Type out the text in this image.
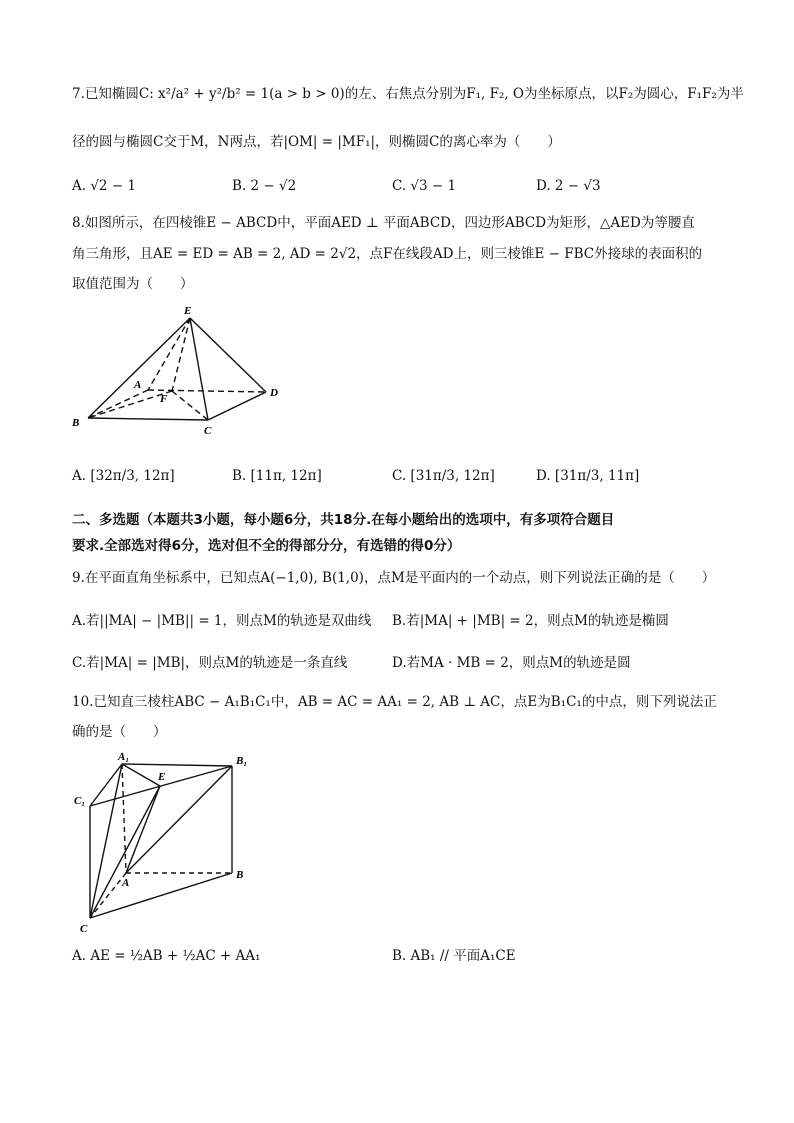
7.已知椭圆C: x²/a² + y²/b² = 1(a > b > 0)的左、右焦点分别为F₁, F₂, O为坐标原点，以F₂为圆心，F₁F₂为半
径的圆与椭圆C交于M，N两点，若|OM| = |MF₁|，则椭圆C的离心率为（　　）
A. √2 − 1	B. 2 − √2	C. √3 − 1	D. 2 − √3
8.如图所示，在四棱锥E − ABCD中，平面AED ⊥ 平面ABCD，四边形ABCD为矩形，△AED为等腰直
角三角形，且AE = ED = AB = 2, AD = 2√2，点F在线段AD上，则三棱锥E − FBC外接球的表面积的
取值范围为（　　）
E
A
F	D
B
C
A. [32π/3, 12π]	B. [11π, 12π]	C. [31π/3, 12π]	D. [31π/3, 11π]
二、多选题（本题共3小题，每小题6分，共18分.在每小题给出的选项中，有多项符合题目
要求.全部选对得6分，选对但不全的得部分分，有选错的得0分）
9.在平面直角坐标系中，已知点A(−1,0), B(1,0)，点M是平面内的一个动点，则下列说法正确的是（　　）
A.若||MA| − |MB|| = 1，则点M的轨迹是双曲线 B.若|MA| + |MB| = 2，则点M的轨迹是椭圆
C.若|MA| = |MB|，则点M的轨迹是一条直线	D.若MA · MB = 2，则点M的轨迹是圆
10.已知直三棱柱ABC − A₁B₁C₁中，AB = AC = AA₁ = 2, AB ⊥ AC，点E为B₁C₁的中点，则下列说法正
确的是（　　）
A₁	B₁
C₁
E
A
B
C
A. AE = ½AB + ½AC + AA₁	B. AB₁ // 平面A₁CE
